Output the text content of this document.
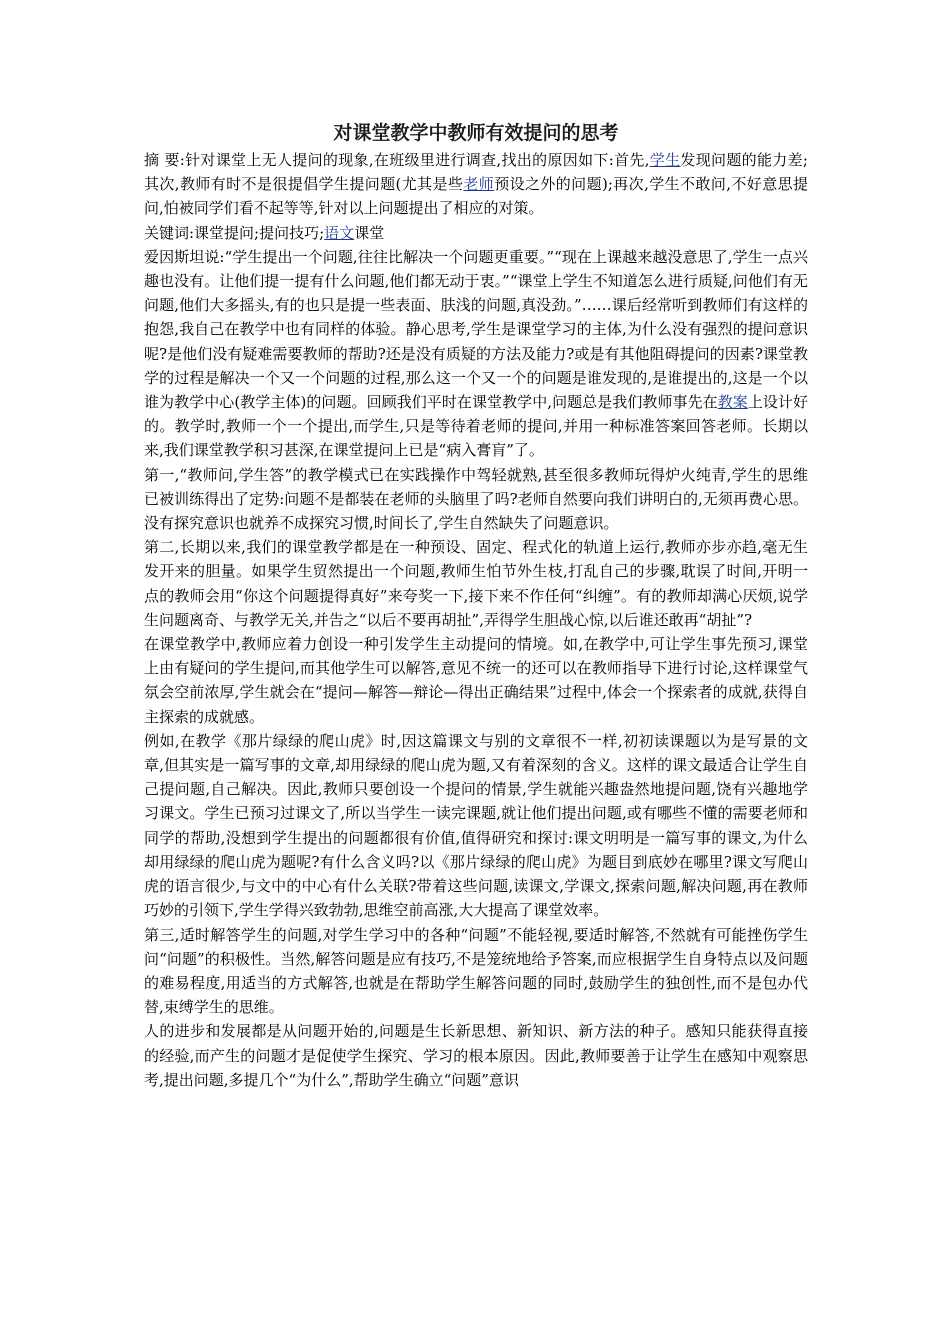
对课堂教学中教师有效提问的思考

摘 要:针对课堂上无人提问的现象,在班级里进行调查,找出的原因如下:首先,学生发现问题的能力差;其次,教师有时不是很提倡学生提问题(尤其是些老师预设之外的问题);再次,学生不敢问,不好意思提问,怕被同学们看不起等等,针对以上问题提出了相应的对策。

关键词:课堂提问;提问技巧;语文课堂

爱因斯坦说:“学生提出一个问题,往往比解决一个问题更重要。”“现在上课越来越没意思了,学生一点兴趣也没有。让他们提一提有什么问题,他们都无动于衷。”“课堂上学生不知道怎么进行质疑,问他们有无问题,他们大多摇头,有的也只是提一些表面、肤浅的问题,真没劲。”……课后经常听到教师们有这样的抱怨,我自己在教学中也有同样的体验。静心思考,学生是课堂学习的主体,为什么没有强烈的提问意识呢?是他们没有疑难需要教师的帮助?还是没有质疑的方法及能力?或是有其他阻碍提问的因素?课堂教学的过程是解决一个又一个问题的过程,那么这一个又一个的问题是谁发现的,是谁提出的,这是一个以谁为教学中心(教学主体)的问题。回顾我们平时在课堂教学中,问题总是我们教师事先在教案上设计好的。教学时,教师一个一个提出,而学生,只是等待着老师的提问,并用一种标准答案回答老师。长期以来,我们课堂教学积习甚深,在课堂提问上已是“病入膏肓”了。

第一,“教师问,学生答”的教学模式已在实践操作中驾轻就熟,甚至很多教师玩得炉火纯青,学生的思维已被训练得出了定势:问题不是都装在老师的头脑里了吗?老师自然要向我们讲明白的,无须再费心思。没有探究意识也就养不成探究习惯,时间长了,学生自然缺失了问题意识。

第二,长期以来,我们的课堂教学都是在一种预设、固定、程式化的轨道上运行,教师亦步亦趋,毫无生发开来的胆量。如果学生贸然提出一个问题,教师生怕节外生枝,打乱自己的步骤,耽误了时间,开明一点的教师会用“你这个问题提得真好”来夸奖一下,接下来不作任何“纠缠”。有的教师却满心厌烦,说学生问题离奇、与教学无关,并告之“以后不要再胡扯”,弄得学生胆战心惊,以后谁还敢再“胡扯”?

在课堂教学中,教师应着力创设一种引发学生主动提问的情境。如,在教学中,可让学生事先预习,课堂上由有疑问的学生提问,而其他学生可以解答,意见不统一的还可以在教师指导下进行讨论,这样课堂气氛会空前浓厚,学生就会在“提问—解答—辩论—得出正确结果”过程中,体会一个探索者的成就,获得自主探索的成就感。

例如,在教学《那片绿绿的爬山虎》时,因这篇课文与别的文章很不一样,初初读课题以为是写景的文章,但其实是一篇写事的文章,却用绿绿的爬山虎为题,又有着深刻的含义。这样的课文最适合让学生自己提问题,自己解决。因此,教师只要创设一个提问的情景,学生就能兴趣盎然地提问题,饶有兴趣地学习课文。学生已预习过课文了,所以当学生一读完课题,就让他们提出问题,或有哪些不懂的需要老师和同学的帮助,没想到学生提出的问题都很有价值,值得研究和探讨:课文明明是一篇写事的课文,为什么却用绿绿的爬山虎为题呢?有什么含义吗?以《那片绿绿的爬山虎》为题目到底妙在哪里?课文写爬山虎的语言很少,与文中的中心有什么关联?带着这些问题,读课文,学课文,探索问题,解决问题,再在教师巧妙的引领下,学生学得兴致勃勃,思维空前高涨,大大提高了课堂效率。

第三,适时解答学生的问题,对学生学习中的各种“问题”不能轻视,要适时解答,不然就有可能挫伤学生问“问题”的积极性。当然,解答问题是应有技巧,不是笼统地给予答案,而应根据学生自身特点以及问题的难易程度,用适当的方式解答,也就是在帮助学生解答问题的同时,鼓励学生的独创性,而不是包办代替,束缚学生的思维。

人的进步和发展都是从问题开始的,问题是生长新思想、新知识、新方法的种子。感知只能获得直接的经验,而产生的问题才是促使学生探究、学习的根本原因。因此,教师要善于让学生在感知中观察思考,提出问题,多提几个“为什么”,帮助学生确立“问题”意识
